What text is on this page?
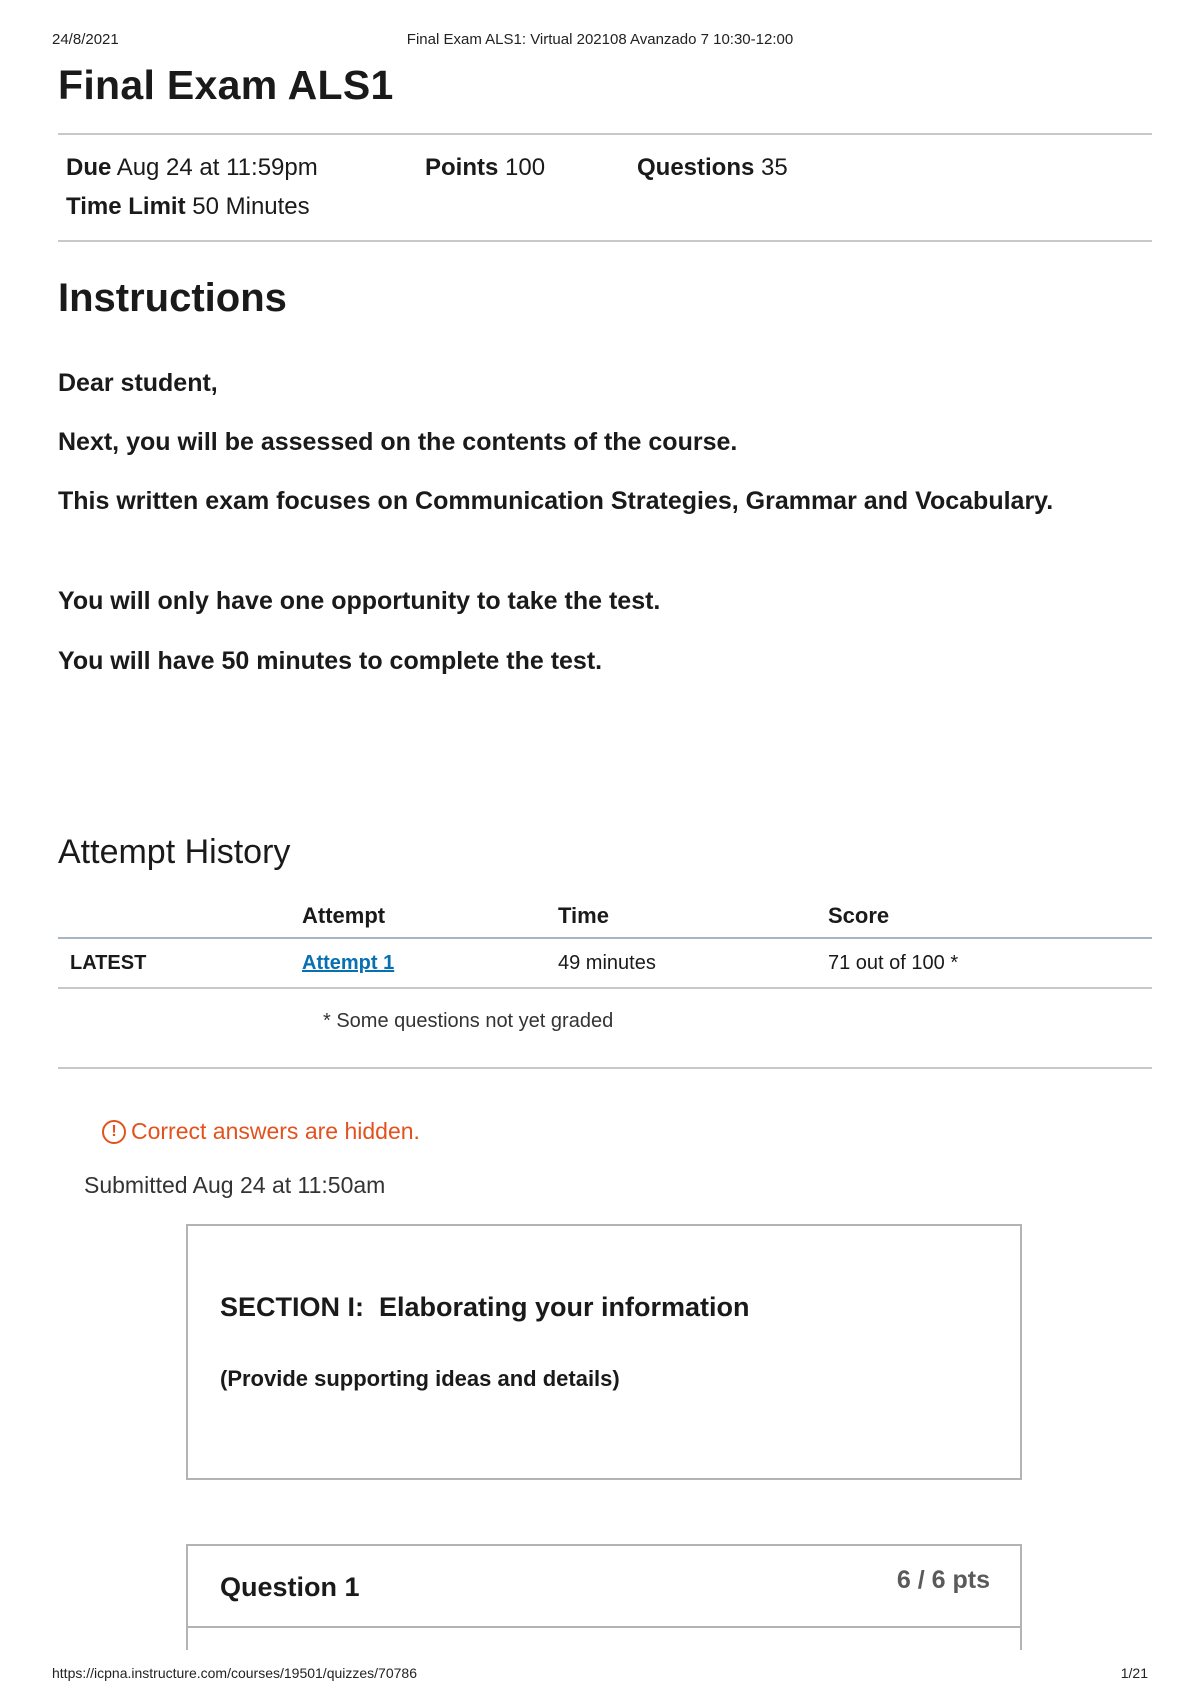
24/8/2021	Final Exam ALS1: Virtual 202108 Avanzado 7 10:30-12:00
Final Exam ALS1
Due Aug 24 at 11:59pm	Points 100	Questions 35
Time Limit 50 Minutes
Instructions

Dear student,

Next, you will be assessed on the contents of the course.

This written exam focuses on Communication Strategies, Grammar and Vocabulary.

You will only have one opportunity to take the test.

You will have 50 minutes to complete the test.

Attempt History
	Attempt	Time	Score
LATEST	Attempt 1	49 minutes	71 out of 100 *
* Some questions not yet graded
! Correct answers are hidden.
Submitted Aug 24 at 11:50am
SECTION I:  Elaborating your information
(Provide supporting ideas and details)
Question 1	6 / 6 pts
https://icpna.instructure.com/courses/19501/quizzes/70786	1/21
